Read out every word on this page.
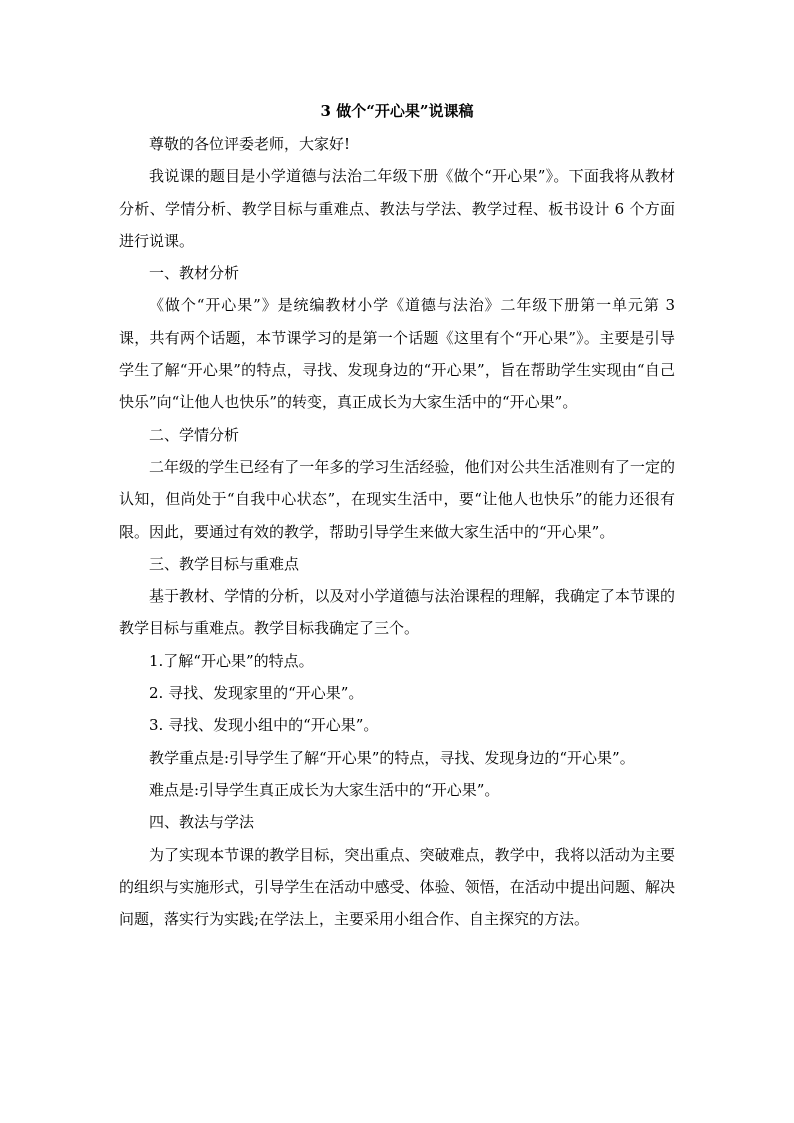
3 做个“开心果”说课稿

尊敬的各位评委老师，大家好!

我说课的题目是小学道德与法治二年级下册《做个“开心果”》。下面我将从教材分析、学情分析、教学目标与重难点、教法与学法、教学过程、板书设计 6 个方面进行说课。

一、教材分析

《做个“开心果”》是统编教材小学《道德与法治》二年级下册第一单元第 3 课，共有两个话题，本节课学习的是第一个话题《这里有个“开心果”》。主要是引导学生了解“开心果”的特点，寻找、发现身边的“开心果”，旨在帮助学生实现由“自己快乐”向“让他人也快乐”的转变，真正成长为大家生活中的“开心果”。

二、学情分析

二年级的学生已经有了一年多的学习生活经验，他们对公共生活准则有了一定的认知，但尚处于“自我中心状态”，在现实生活中，要“让他人也快乐”的能力还很有限。因此，要通过有效的教学，帮助引导学生来做大家生活中的“开心果”。

三、教学目标与重难点

基于教材、学情的分析，以及对小学道德与法治课程的理解，我确定了本节课的教学目标与重难点。教学目标我确定了三个。

1.了解“开心果”的特点。

2. 寻找、发现家里的“开心果”。

3. 寻找、发现小组中的“开心果”。

教学重点是:引导学生了解“开心果”的特点，寻找、发现身边的“开心果”。

难点是:引导学生真正成长为大家生活中的“开心果”。

四、教法与学法

为了实现本节课的教学目标，突出重点、突破难点，教学中，我将以活动为主要的组织与实施形式，引导学生在活动中感受、体验、领悟，在活动中提出问题、解决问题，落实行为实践;在学法上，主要采用小组合作、自主探究的方法。
